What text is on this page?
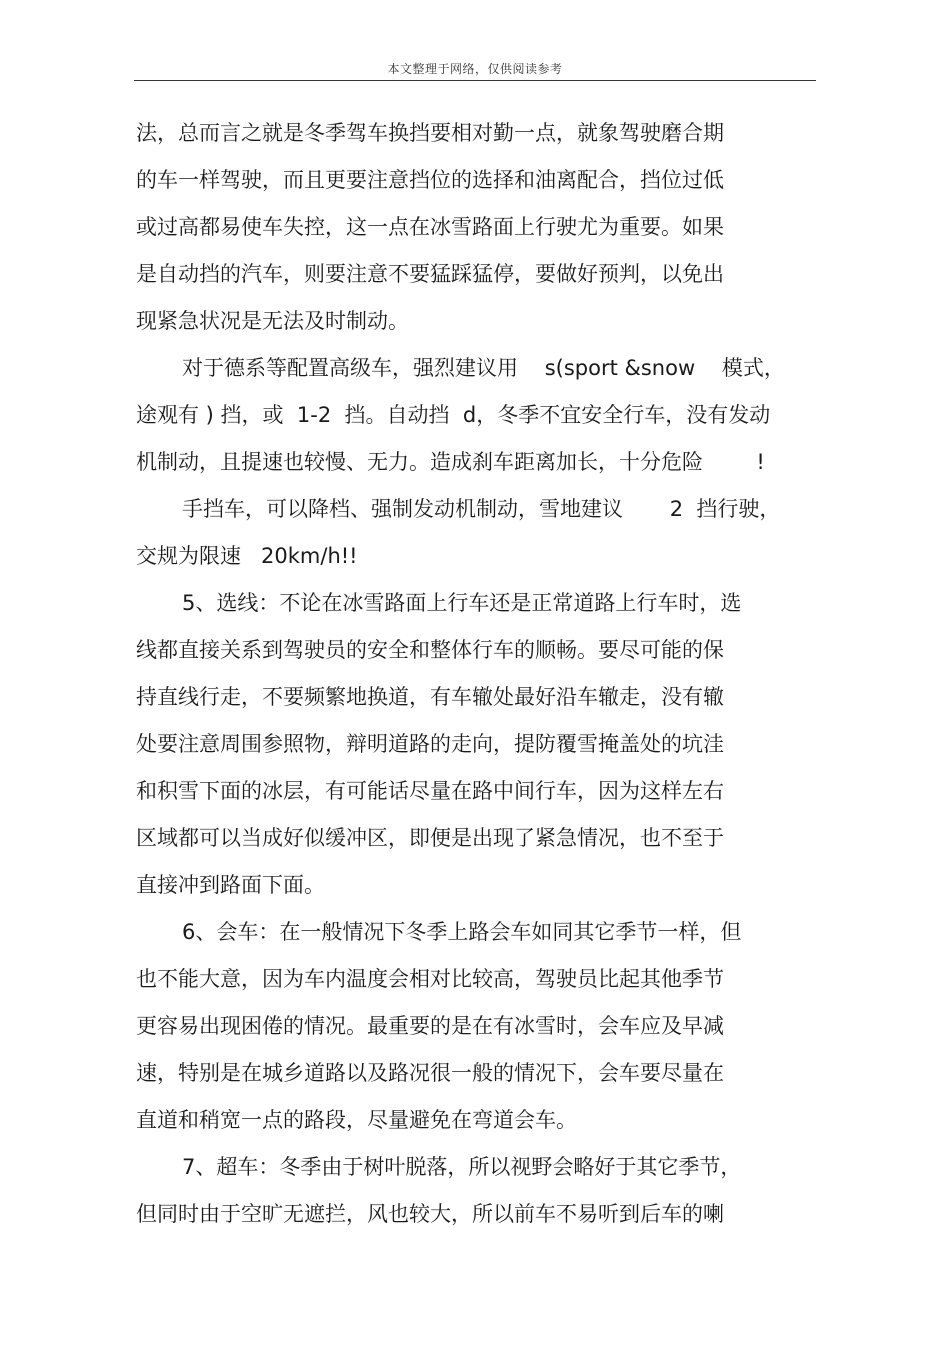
本文整理于网络，仅供阅读参考
法，总而言之就是冬季驾车换挡要相对勤一点，就象驾驶磨合期
的车一样驾驶，而且更要注意挡位的选择和油离配合，挡位过低
或过高都易使车失控，这一点在冰雪路面上行驶尤为重要。如果
是自动挡的汽车，则要注意不要猛踩猛停，要做好预判，以免出
现紧急状况是无法及时制动。
对于德系等配置高级车，强烈建议用    s(sport &snow    模式，
途观有 ) 挡，或  1-2  挡。自动挡  d，冬季不宜安全行车，没有发动
机制动，且提速也较慢、无力。造成刹车距离加长，十分危险        !
手挡车，可以降档、强制发动机制动，雪地建议       2  挡行驶，
交规为限速   20km/h!!
5、选线：不论在冰雪路面上行车还是正常道路上行车时，选
线都直接关系到驾驶员的安全和整体行车的顺畅。要尽可能的保
持直线行走，不要频繁地换道，有车辙处最好沿车辙走，没有辙
处要注意周围参照物，辩明道路的走向，提防覆雪掩盖处的坑洼
和积雪下面的冰层，有可能话尽量在路中间行车，因为这样左右
区域都可以当成好似缓冲区，即便是出现了紧急情况，也不至于
直接冲到路面下面。
6、会车：在一般情况下冬季上路会车如同其它季节一样，但
也不能大意，因为车内温度会相对比较高，驾驶员比起其他季节
更容易出现困倦的情况。最重要的是在有冰雪时，会车应及早减
速，特别是在城乡道路以及路况很一般的情况下，会车要尽量在
直道和稍宽一点的路段，尽量避免在弯道会车。
7、超车：冬季由于树叶脱落，所以视野会略好于其它季节，
但同时由于空旷无遮拦，风也较大，所以前车不易听到后车的喇
